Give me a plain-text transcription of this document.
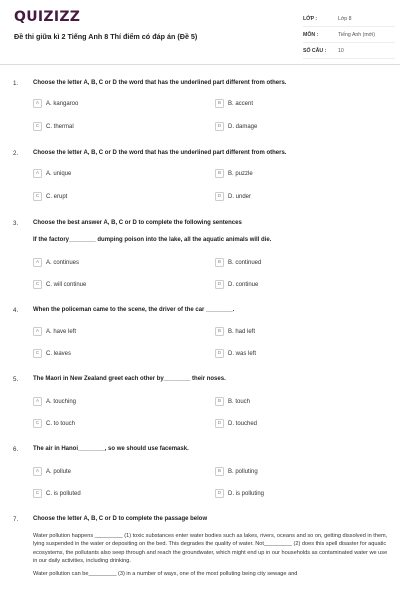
QUIZIZZ
Đề thi giữa kì 2 Tiếng Anh 8 Thí điểm có đáp án (Đề 5)
LỚP :	Lớp 8
MÔN :	Tiếng Anh (mới)
SỐ CÂU :	10
1. Choose the letter A, B, C or D the word that has the underlined part different from others.
A	A. kangaroo	B	B. accent
C	C. thermal	D	D. damage
2. Choose the letter A, B, C or D the word that has the underlined part different from others.
A	A. unique	B	B. puzzle
C	C. erupt	D	D. under
3. Choose the best answer A, B, C or D to complete the following sentences
If the factory________ dumping poison into the lake, all the aquatic animals will die.
A	A. continues	B	B. continued
C	C. will continue	D	D. continue
4. When the policeman came to the scene, the driver of the car ________.
A	A. have left	B	B. had left
C	C. leaves	D	D. was left
5. The Maori in New Zealand greet each other by________ their noses.
A	A. touching	B	B. touch
C	C. to touch	D	D. touched
6. The air in Hanoi________, so we should use facemask.
A	A. pollute	B	B. polluting
C	C. is polluted	D	D. is polluting
7. Choose the letter A, B, C or D to complete the passage below

Water pollution happens _________ (1) toxic substances enter water bodies such as lakes, rivers, oceans and so on, getting dissolved in them, lying suspended in the water or depositing on the bed. This degrades the quality of water. Not_________ (2) does this spell disaster for aquatic ecosystems, the pollutants also seep through and reach the groundwater, which might end up in our households as contaminated water we use in our daily activities, including drinking.

Water pollution can be_________ (3) in a number of ways, one of the most polluting being city sewage and
